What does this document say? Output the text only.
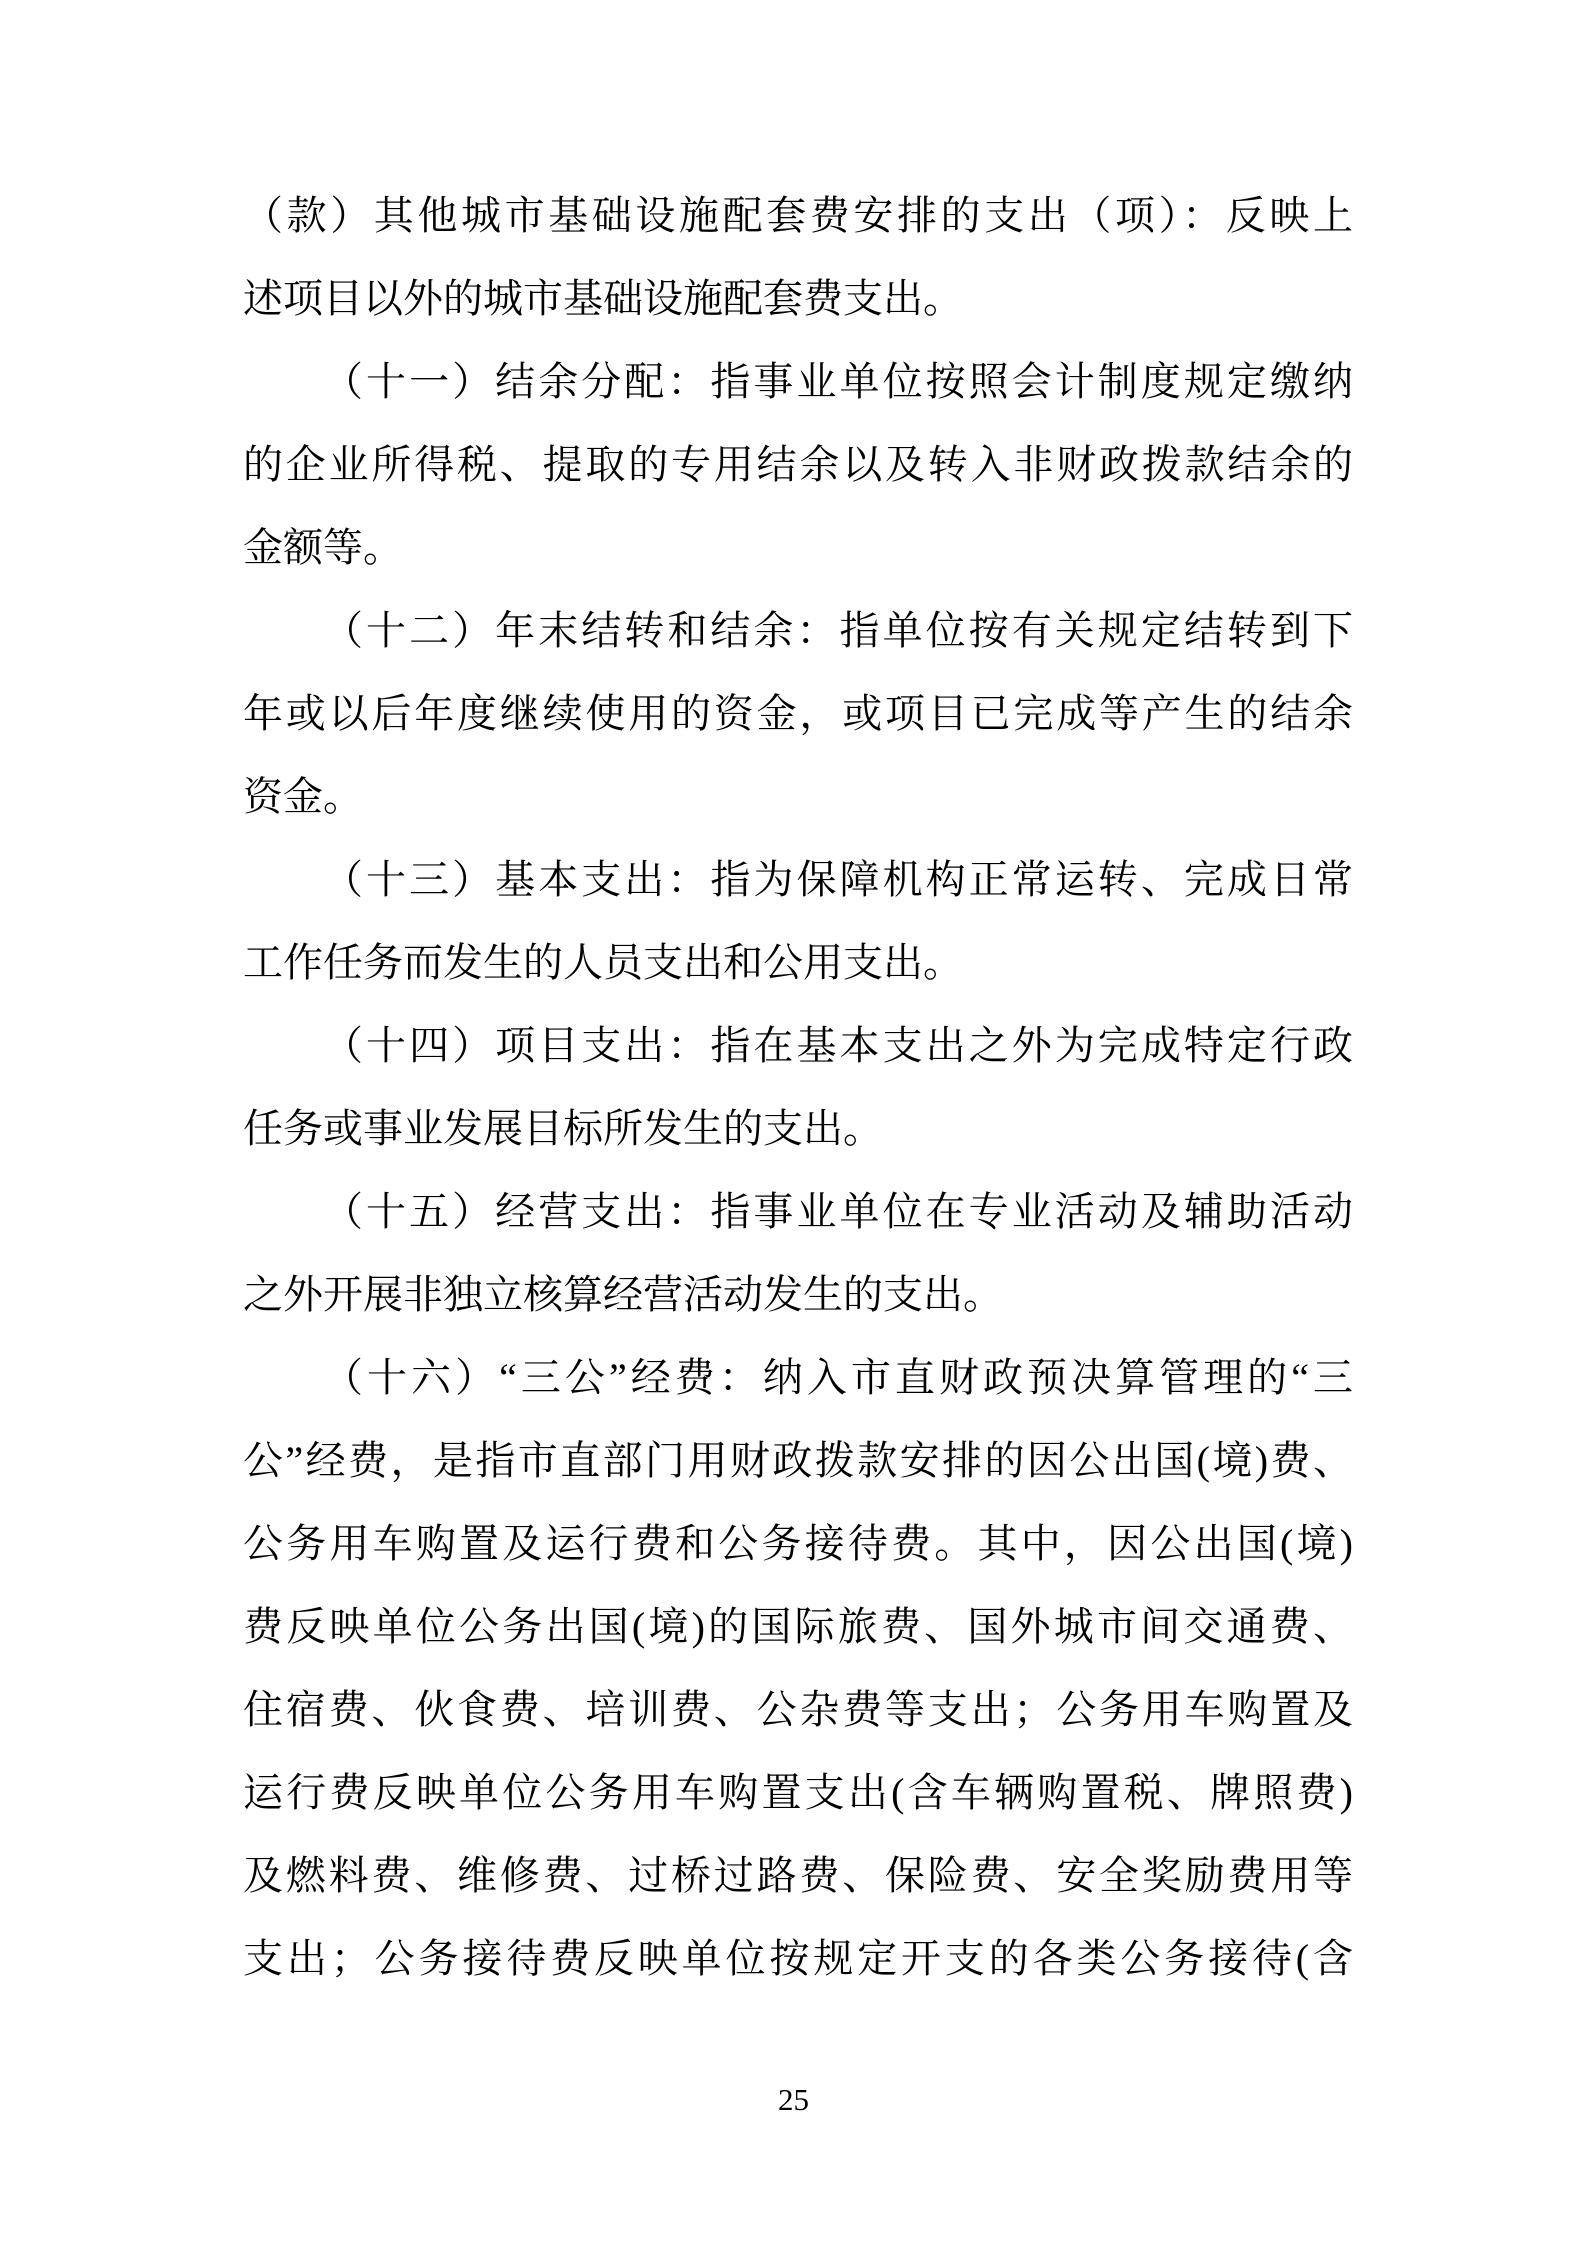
（款）其他城市基础设施配套费安排的支出（项）：反映上
述项目以外的城市基础设施配套费支出。
（十一）结余分配：指事业单位按照会计制度规定缴纳
的企业所得税、提取的专用结余以及转入非财政拨款结余的
金额等。
（十二）年末结转和结余：指单位按有关规定结转到下
年或以后年度继续使用的资金，或项目已完成等产生的结余
资金。
（十三）基本支出：指为保障机构正常运转、完成日常
工作任务而发生的人员支出和公用支出。
（十四）项目支出：指在基本支出之外为完成特定行政
任务或事业发展目标所发生的支出。
（十五）经营支出：指事业单位在专业活动及辅助活动
之外开展非独立核算经营活动发生的支出。
（十六）“三公”经费：纳入市直财政预决算管理的“三
公”经费，是指市直部门用财政拨款安排的因公出国(境)费、
公务用车购置及运行费和公务接待费。其中，因公出国(境)
费反映单位公务出国(境)的国际旅费、国外城市间交通费、
住宿费、伙食费、培训费、公杂费等支出；公务用车购置及
运行费反映单位公务用车购置支出(含车辆购置税、牌照费)
及燃料费、维修费、过桥过路费、保险费、安全奖励费用等
支出；公务接待费反映单位按规定开支的各类公务接待(含
25
